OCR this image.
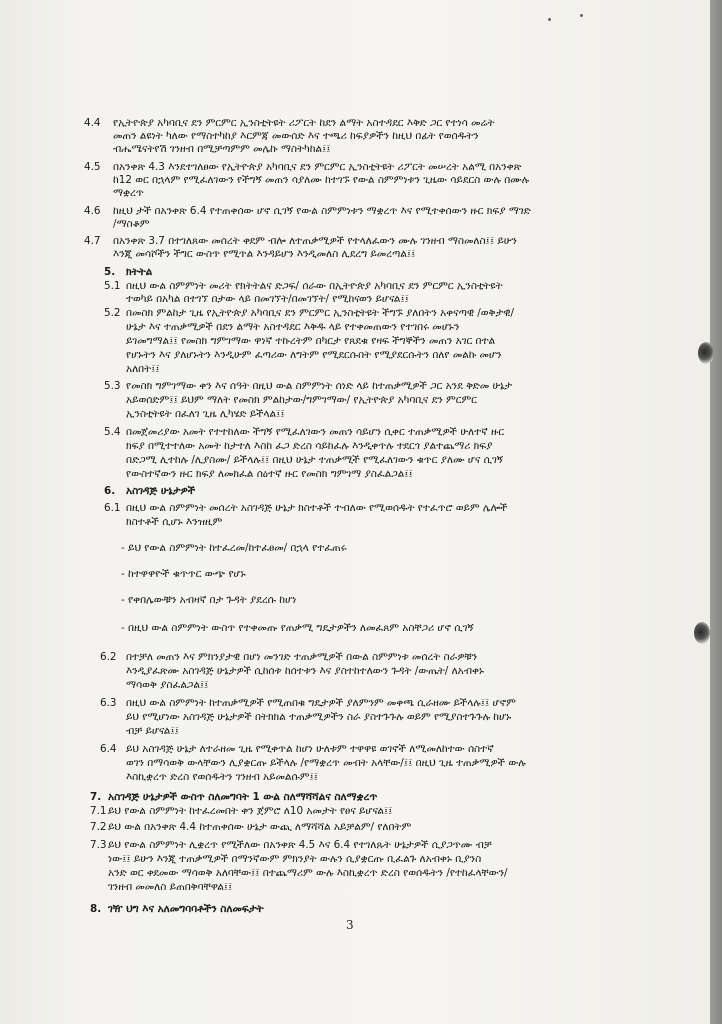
4.4 የኢትዮጵያ አካባቢና ደን ምርምር ኢንስቲትዩት ሪፖርት ከደን ልማት አስተዳደር እቅድ ጋር የተነሳ መሬት
መጠን ልዩነት ካለው የማስተካከያ እርምጃ መውሰድ እና ተጫሪ ከፍያዎችን ከዚህ በፊት የወሰዱትን
ብሔሜናትየሽ ገንዘብ በሚቻጣምም መሌኩ ማስትካከል፤፤
4.5 በአንቀጽ 4.3 እንደተገለፀው የኢትዮጵያ አካባቢና ደን ምርምር ኢንስቲትዩት ሪፖርት መሠረት አልሚ በአንቀጽ
ከ12 ወር በኋላም የሚፈለገውን የችግኝ መጠን ሳያለሙ ከተገኙ የውል ስምምነቱን ጊዜው ሳይደርስ ውሉ በሙሉ
ማቋረጥ
4.6 ከዚህ ታች በአንቀጽ 6.4 የተጠቀሰው ሆኖ ሲገኝ የውል ስምምነቱን ማቋረጥ እና የሚተቀሰውን ዙር ክፍያ ማገድ
/ማስቆም
4.7 በአንቀጽ 3.7 በተገለጸው መሰረት ቀደም ብሎ ለተጠቃሚዎች የተላለፈውን ሙሉ ገንዘብ ማስመለስ፤፤ ይሁን
እንጂ መሳሾችን ችግር ውስጥ የሚጥል እንዳይሆን እንዲመለስ ሊደረግ ይመረጣል፤፤
5. ክትትል
5.1 በዚህ ውል ስምምነት መሪት የክትትልና ድጋፍ/ ሰራው በኢትዮጵያ አካባቢና ደን ምርምር ኢንስቲትዩት
ተወካይ በአካል በተገኘ በታው ላይ በመገኘት/በመገኘት/ የሚከናወን ይሆናል፤፤
5.2 በመስክ ምልከታ ጊዜ የኢትዮጵያ አካባቢና ደን ምርምር ኢንስቲትዩት ችግኙ ያለበትን አቀናጣዊ /ወቅታዊ/
ሁኔታ እና ተጠቃሚዎች በደን ልማት አስተዳደር እቅዱ ላይ የተቀመጠውን የተገበሩ መሆኑን
ይገመግማል፤፤ የመስክ ግምገማው ዋነኛ ተኩረትም በካርታ የጸደቁ የዛፍ ችግኞችን መጠን አገር በተል
የሆኑትን እና ያለሆኑትን እንዲሁም ፈጣሪው ለግትም የሚደርሱበት የሚያደርሱትን በለየ መልኩ መሆን
አለበት፤፤
5.3 የመስክ ግምገማው ቀን እና ሰዓት በዚህ ውል ስምምነት ሰነድ ላይ ከተጠቃሚዎች ጋር አንደ ቅድመ ሁኔታ
አይወሰድም፤፤ ይህም ማለት የመስክ ምልከታው/ግምገማው/ የኢትዮጵያ አካባቢና ደን ምርምር
ኢንስቲትዩት በፈለገ ጊዜ ሊካሄድ ይችላል፤፤
5.4 በመጀመሪያው አመት የተተከለው ችግኝ የሚፈለገውን መጠን ሳይሆን ሲቀር ተጠቃሚዎች ሁለተኛ ዙር
ክፍያ በሚተተለው አመት ከታተለ እስከ ፈጋ ድረስ ሳይከፈሉ እንዲቀጥሉ ተደርጎ ያልተጨማሪ ክፍያ
በድጋሚ ሊተከሉ /ሊያስሙ/ ይችላሉ፤፤ በዚህ ሁኔታ ተጠቃሚች የሚፈለገውን ቁጥር ያለሙ ሆና ሲገኝ
የውስተኛውን ዙር ክፍያ ለመክፈል ሰዕተኛ ዙር የመስክ ግምገማ ያስፈልጋል፤፤
6. አስገዳጅ ሁኔታዎች
6.1 በዚህ ውል ስምምነት መሰረት አስገዳጅ ሁኔታ ክስተቶች ተብለው የሚወሰዱት የተፈጥሮ ወይም ሌሎች
ክስተቶች ሲሆኑ እንዝዚም
- ይህ የውል ስምምነት ከተፈረመ/ከተፈፀመ/ በኋላ የተፈጠሩ
- ከተዋዋዮች ቁጥጥር ውጭ የሆኑ
- የቀበሌውቹን አብዛኛ በታ ጉዳት ያደረሱ ከሆነ
- በዚህ ውል ስምምነት ውስጥ የተቀመጡ የጠቃሚ ግዴታዎችን ለመፈጸም አስቸጋሪ ሆኖ ሲገኝ
6.2 በተቻለ መጠን እና ምክንያታዊ በሆነ መንገድ ተጠቃሚዎች በውል ስምምነቱ መሰረት ስራዎቹን
እንዲያፈጽሙ አስገዳጅ ሁኔታዎች ሲከሰቱ ከሰተቱን እና ያስተከተለውን ጉዳት /ውጤት/ ለአብቀኑ
ማሳወቅ ያስፈልጋል፤፤
6.3 በዚህ ውል ስምምነት ከተጠቃሚዎች የሚጠበቁ ግዴታዎች ያለምንም መቀጫ ሲራዘሙ ይችላሉ፤፤ ሆኖም
ይህ የሚሆነው አስገዳጅ ሁኔታዎች በትክክል ተጠቃሚዎችን ስራ ያስተጉጉሉ ወይም የሚያስተጉጉሉ ከሆኑ
ብቻ ይሆናል፤፤
6.4 ይህ አስገዳጅ ሁኔታ ለተራዘመ ጊዜ የሚቀጥል ከሆነ ሁለቱም ተዋዋዩ ወገኖች ለሚመለከተው ሰስተኛ
ወገን በማሳወቅ ውላቸውን ሊያቋርጡ ይችላሉ /የማቋረጥ መብት አላቸው/፤፤ በዚህ ጊዜ ተጠቃሚዎች ውሉ
እስኪቋረጥ ድረስ የወሰዱትን ገንዘብ አይመልሱም፤፤
7. አስገዳጅ ሁኔታዎች ውስጥ ስለመግባት 1 ውል ስለማሻሻልና ስለማቋረጥ
7.1 ይህ የውል ስምምነት ከተፈረመበት ቀን ጀምሮ ለ10 አመታት የፀና ይሆናል፤፤
7.2 ይህ ውል በአንቀጽ 4.4 ከተጠቀሰው ሁኔታ ውጪ ለማሻሻል አይቻልም/ የለበትም
7.3 ይህ የውል ስምምነት ሊቋረጥ የሚችለው በአንቀጽ 4.5 እና 6.4 የተገለጹት ሁኔታዎች ሲያጋጥሙ ብቻ
ነው፤፤ ይሁን እንጂ ተጠቃሚዎች በማንኛውም ምክንያት ውሉን ሲያቋርጡ ቢፈልጉ ለአብቀኑ ቢያንስ
አንድ ወር ቀደመው ማሳወቅ አለባቸው፤፤ በተጨማሪም ውሉ እስኪቋረጥ ድረስ የወሰዱትን /የተከፈላቸውን/
ገንዘብ መመለስ ይጠበቅባቸዋል፤፤
8. ገዥ ህግ እና አለመግባባቶችን ስለመፍታት
3
